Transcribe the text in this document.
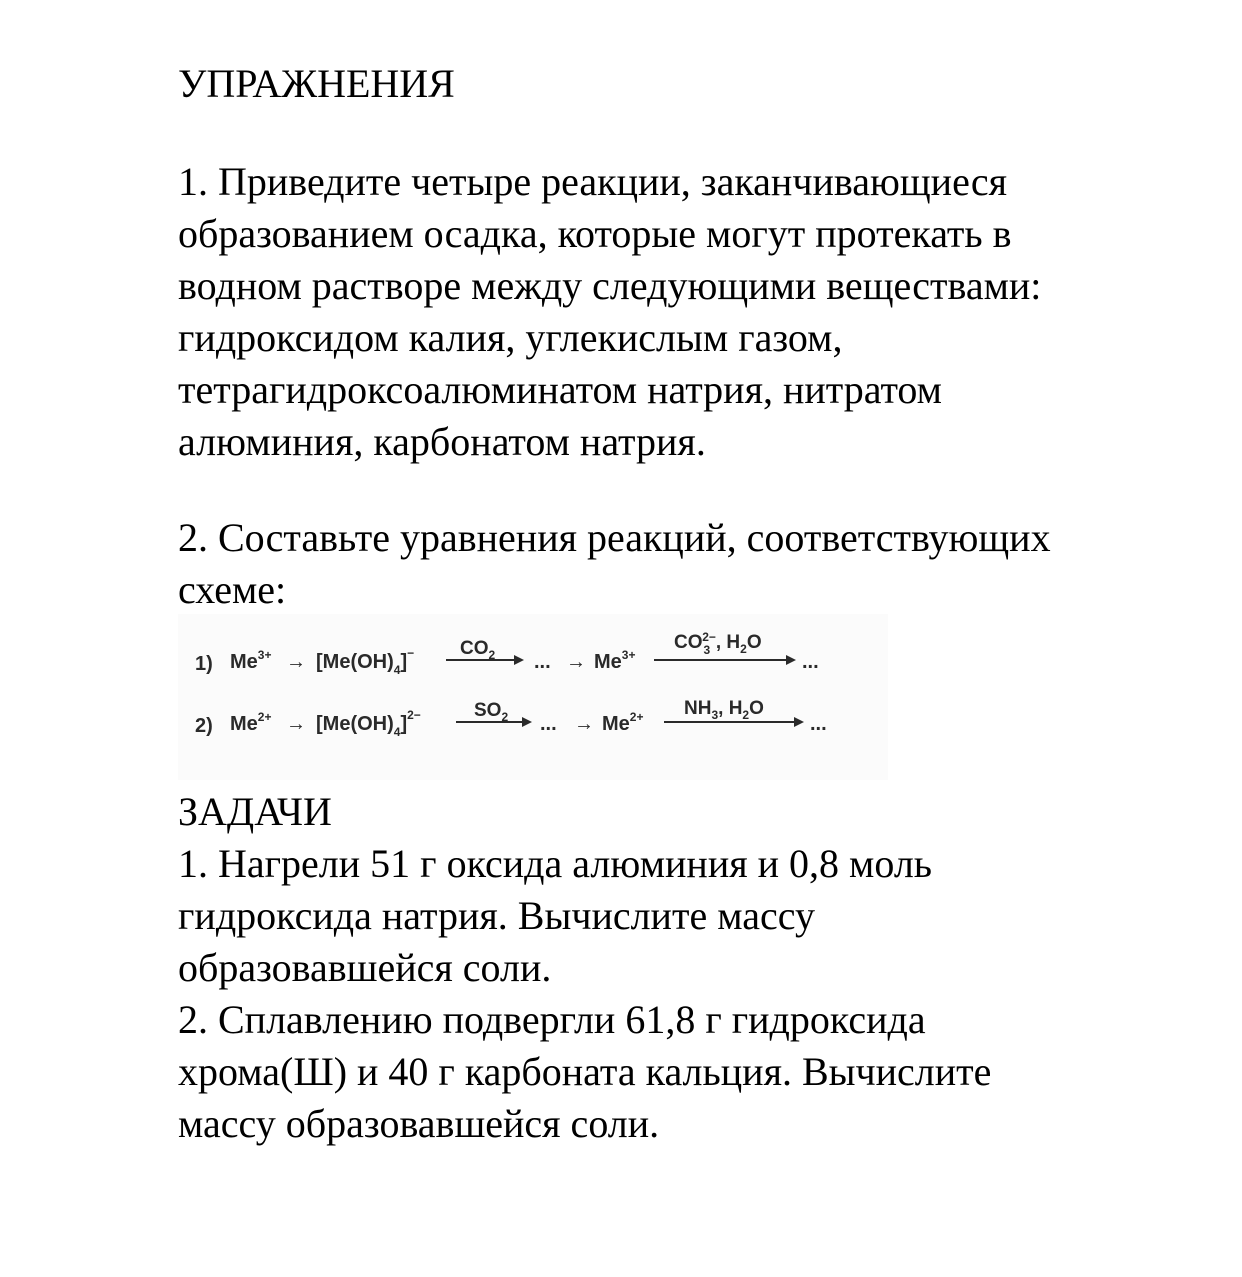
УПРАЖНЕНИЯ
1. Приведите четыре реакции, заканчивающиеся
образованием осадка, которые могут протекать в
водном растворе между следующими веществами:
гидроксидом калия, углекислым газом,
тетрагидроксоалюминатом натрия, нитратом
алюминия, карбонатом натрия.
2. Составьте уравнения реакций, соответствующих
схеме:
1) $Me^{3+} \to [Me(OH)_4]^-$ $CO_2$ ... → $Me^{3+}$
$CO_32-$, $H_2O$
...
2) $Me^{2+} \to [Me(OH)_4]^{2-}$	$SO_2$ ... → $Me^{2+}$ $NH_3$, $H_2O$
...
ЗАДАЧИ
1. Нагрели 51 г оксида алюминия и 0,8 моль
гидроксида натрия. Вычислите массу
образовавшейся соли.
2. Сплавлению подвергли 61,8 г гидроксида
хрома(Ш) и 40 г карбоната кальция. Вычислите
массу образовавшейся соли.
